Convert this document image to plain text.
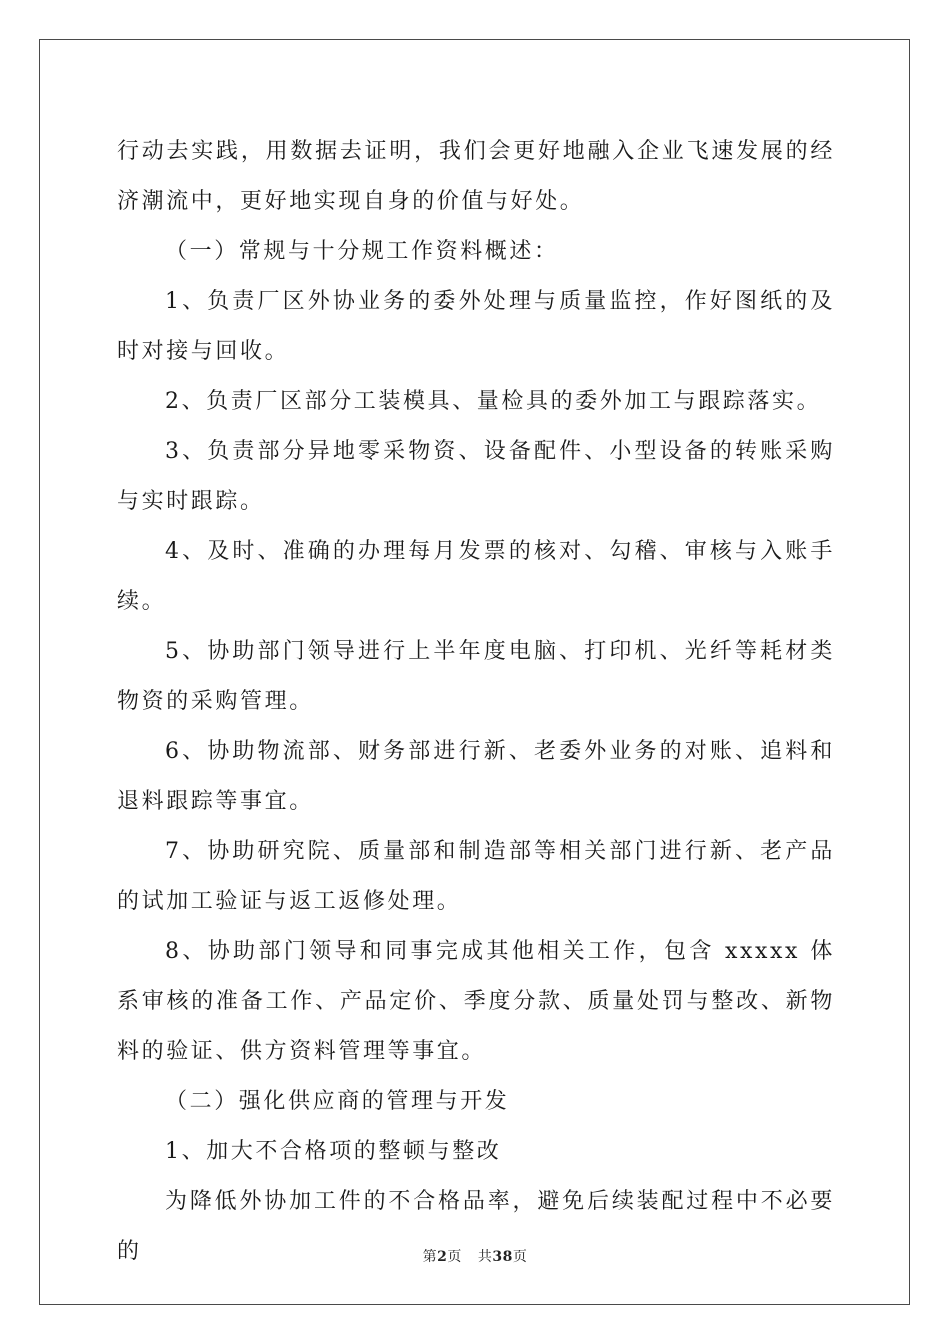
行动去实践，用数据去证明，我们会更好地融入企业飞速发展的经济潮流中，更好地实现自身的价值与好处。

（一）常规与十分规工作资料概述：

1、负责厂区外协业务的委外处理与质量监控，作好图纸的及时对接与回收。

2、负责厂区部分工装模具、量检具的委外加工与跟踪落实。

3、负责部分异地零采物资、设备配件、小型设备的转账采购与实时跟踪。

4、及时、准确的办理每月发票的核对、勾稽、审核与入账手续。

5、协助部门领导进行上半年度电脑、打印机、光纤等耗材类物资的采购管理。

6、协助物流部、财务部进行新、老委外业务的对账、追料和退料跟踪等事宜。

7、协助研究院、质量部和制造部等相关部门进行新、老产品的试加工验证与返工返修处理。

8、协助部门领导和同事完成其他相关工作，包含 xxxxx 体系审核的准备工作、产品定价、季度分款、质量处罚与整改、新物料的验证、供方资料管理等事宜。

（二）强化供应商的管理与开发

1、加大不合格项的整顿与整改

为降低外协加工件的不合格品率，避免后续装配过程中不必要的	第2页 共38页
